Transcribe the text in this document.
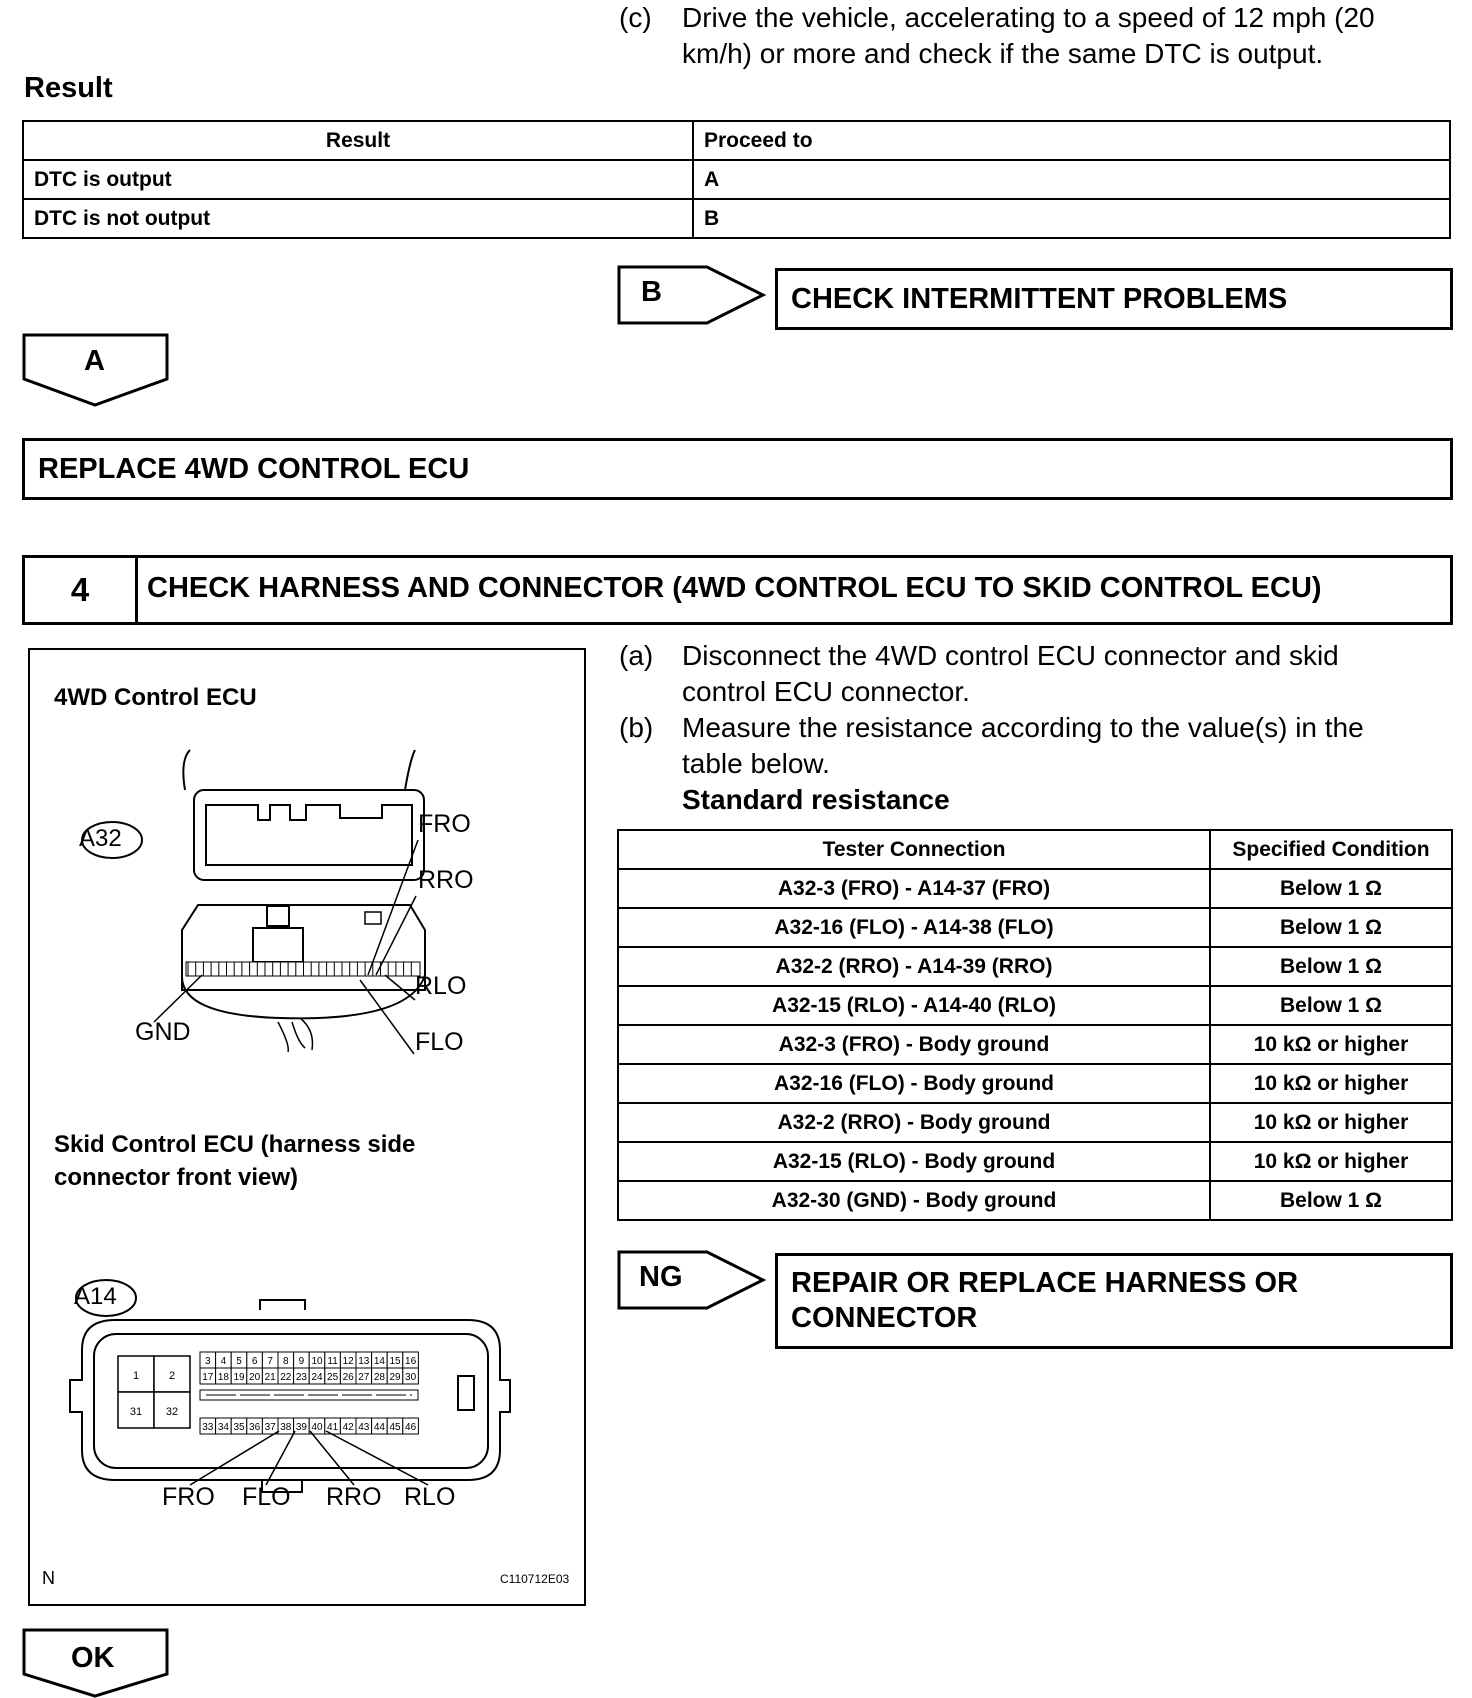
(c) Drive the vehicle, accelerating to a speed of 12 mph (20
km/h) or more and check if the same DTC is output.
Result
Result	Proceed to
DTC is output	A
DTC is not output	B
B	CHECK INTERMITTENT PROBLEMS
A
REPLACE 4WD CONTROL ECU
4	CHECK HARNESS AND CONNECTOR (4WD CONTROL ECU TO SKID CONTROL ECU)
(a) Disconnect the 4WD control ECU connector and skid
control ECU connector.
(b) Measure the resistance according to the value(s) in the
table below.
Standard resistance
Tester Connection	Specified Condition
A32-3 (FRO) - A14-37 (FRO)	Below 1 Ω
A32-16 (FLO) - A14-38 (FLO)	Below 1 Ω
A32-2 (RRO) - A14-39 (RRO)	Below 1 Ω
A32-15 (RLO) - A14-40 (RLO)	Below 1 Ω
A32-3 (FRO) - Body ground	10 kΩ or higher
A32-16 (FLO) - Body ground	10 kΩ or higher
A32-2 (RRO) - Body ground	10 kΩ or higher
A32-15 (RLO) - Body ground	10 kΩ or higher
A32-30 (GND) - Body ground	Below 1 Ω
NG	REPAIR OR REPLACE HARNESS OR
CONNECTOR
OK
4WD Control ECU
1	2
31 32
3 4 5 6 7 8 9 10 11 12 13 14 15 16
17 18 19 20 21 22 23 24 25 26 27 28 29 30
33 34 35 36 37 38 39 40 41 42 43 44 45 46
A32
FRO
RRO
RLO
FLO
GND
Skid Control ECU (harness side
connector front view)
A14
FRO FLO RRO RLO
N	C110712E03
